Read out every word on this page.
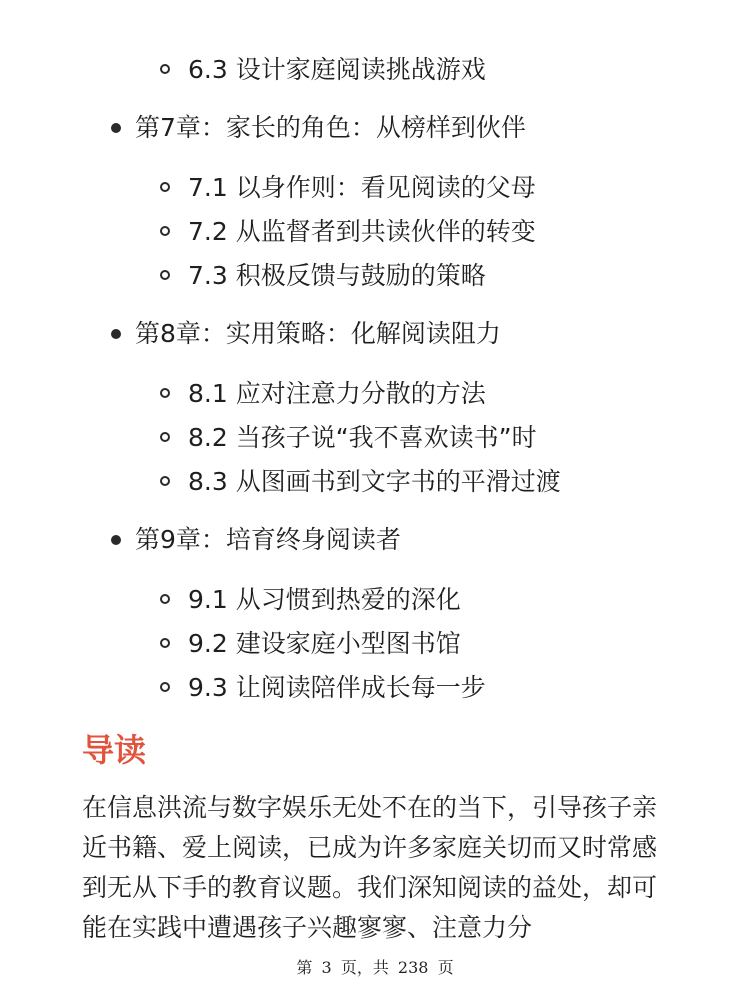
6.3 设计家庭阅读挑战游戏
第7章：家长的角色：从榜样到伙伴
7.1 以身作则：看见阅读的父母
7.2 从监督者到共读伙伴的转变
7.3 积极反馈与鼓励的策略
第8章：实用策略：化解阅读阻力
8.1 应对注意力分散的方法
8.2 当孩子说“我不喜欢读书”时
8.3 从图画书到文字书的平滑过渡
第9章：培育终身阅读者
9.1 从习惯到热爱的深化
9.2 建设家庭小型图书馆
9.3 让阅读陪伴成长每一步
导读

在信息洪流与数字娱乐无处不在的当下，引导孩子亲近书籍、爱上阅读，已成为许多家庭关切而又时常感到无从下手的教育议题。我们深知阅读的益处，却可能在实践中遭遇孩子兴趣寥寥、注意力分

第 3 页，共 238 页
